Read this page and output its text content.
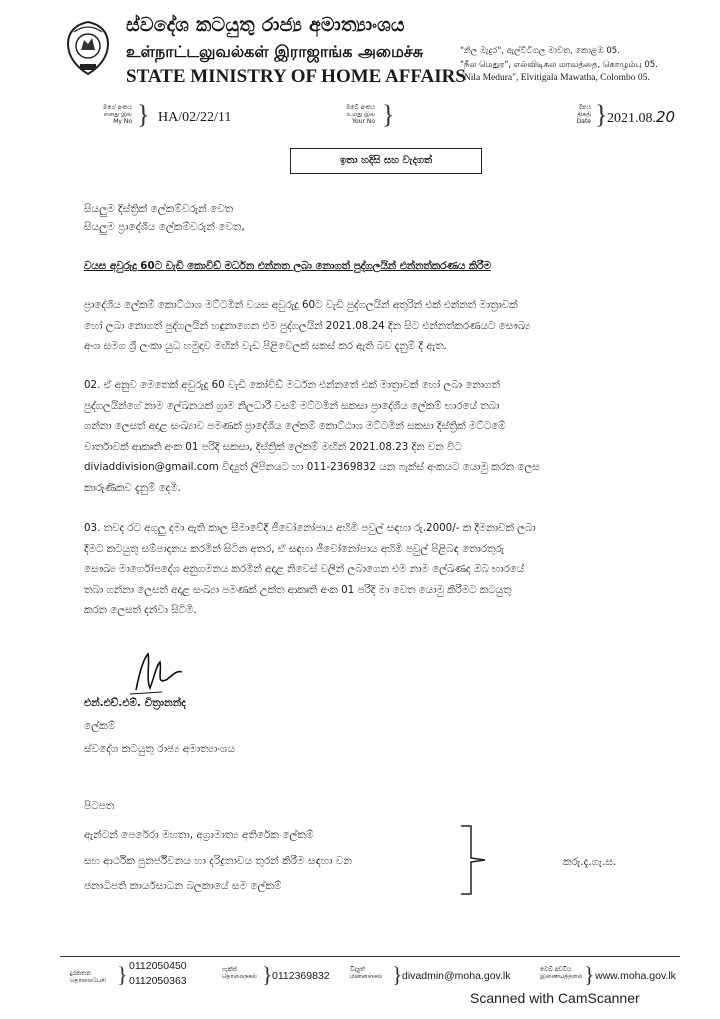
ස්වදේශ කටයුතු රාජ්‍ය අමාත්‍යාංශය
உள்நாட்டலுவல்கள் இராஜாங்க அமைச்சு
STATE MINISTRY OF HOME AFFAIRS
"නිල මැදුර", ඇල්විටිගල මාවත, කොළඹ 05.
"நீல மெதுர", எல்விடிகல மாவத்தை, கொழும்பு 05.
"Nila Medura", Elvitigala Mawatha, Colombo 05.
මගේ අංකය
எனது இல
My No } HA/02/22/11
ඔබේ අංකය
உமது இல
Your No }	දිනය
திகதி
Date } 2021.08.20
ඉතා හදිසි සහ වැදගත්
සියලුම දිස්ත්‍රික් ලේකම්වරුන් වෙත
සියලුම ප්‍රාදේශීය ලේකම්වරුන් වෙත,
වයස අවුරුදු 60ට වැඩි කොවිඩ් මර්ධන එන්නත ලබා නොගත් පුද්ගලයින් එන්නත්කරණය කිරීම
ප්‍රාදේශීය ලේකම් කොට්ඨාශ මට්ටමින් වයස අවුරුදු 60ට වැඩි පුද්ගලයින් අතුරින් එක් එන්නත් මාත්‍රාවක්
හෝ ලබා නොගත් පුද්ගලයින් හඳුනාගෙන එම පුද්ගලයින් 2021.08.24 දින සිට එන්නත්කරණයට සෞඛ්‍ය
අංශ සමග ශ්‍රී ලංකා යුධ හමුදාව මඟින් වැඩ පිළිවෙලක් සකස් කර ඇති බව දැනුම් දී ඇත.
02. ඒ අනුව මෙතෙක් අවුරුදු 60 වැඩි කෝවිඩ් මර්ධන එන්නතේ එක් මාත්‍රාවක් හෝ ලබා නොගත්
පුද්ගලයින්ගේ නාම ලේඛනයක් ග්‍රාම නිලධාරී වසම් මට්ටමින් සකසා ප්‍රාදේශීය ලේකම් භාරයේ තබා
ගන්නා ලෙසත් අදාළ සංඛ්‍යාව පමණක් ප්‍රාදේශීය ලේකම් කොට්ඨාශ මට්ටමින් සකසා දිස්ත්‍රික් මට්ටමේ
වාර්තාවක් ආකෘති අංක 01 පරිදි සකසා, දිස්ත්‍රික් ලේකම් මඟින් 2021.08.23 දින වන විට
diviaddivision@gmail.com විද්‍යුත් ලිපිනයට හා 011-2369832 යන ෆැක්ස් අංකයට යොමු කරන ලෙස
කාරුණිකව දැනුම් දෙමි.
03. තවද රට අගුලු දමා ඇති කාල සීමාවේදී ජීවෝනෝපාය අහිමි පවුල් සඳහා රු.2000/- ක දීමනාවක් ලබා
දීමට කටයුතු සම්පාදනය කරමින් සිටින අතර, ඒ සඳහා ජීවෝනෝපාය අහිමි පවුල් පිළිබඳ තොරතුරු
සෞඛ්‍ය මාර්ගෝපදේශ අනුගමනය කරමින් අදාළ නිවෙස් වලින් ලබාගෙන එම නාම ලේඛණද ඔබ භාරයේ
තබා ගන්නා ලෙසත් අදාළ සංඛ්‍යා පමණක් උක්ත ආකෘති අංක 01 පරිදි මා වෙත යොමු කිරීමට කටයුතු
කරන ලෙසත් දන්වා සිටිමි.
එන්.එච්.එම්. චිත්‍රානන්ද
ලේකම්
ස්වදේශ කටයුතු රාජ්‍ය අමාත්‍යාංශය
පිටපත
ඇන්ටන් පෙරේරා මහතා, අග්‍රාමාත්‍ය අතිරේක ලේකම්
සහ ආර්ථික පුනර්ජීවනය හා දරිද්‍රතාවය තුරන් කිරීම සඳහා වන
ජනාධිපති කාර්යසාධන බලකායේ සම ලේකම්
කරු.දැ.ගැ.ස.
දුරකතන
தொலைபேசி } 0112050450
0112050363
ෆැක්ස්
தொலைநகல் } 0112369832
විද්‍යුත්
மின்னஞ்சல் } divadmin@moha.gov.lk
වෙබ් අඩවිය
இணையத்தளம் } www.moha.gov.lk
Scanned with CamScanner
